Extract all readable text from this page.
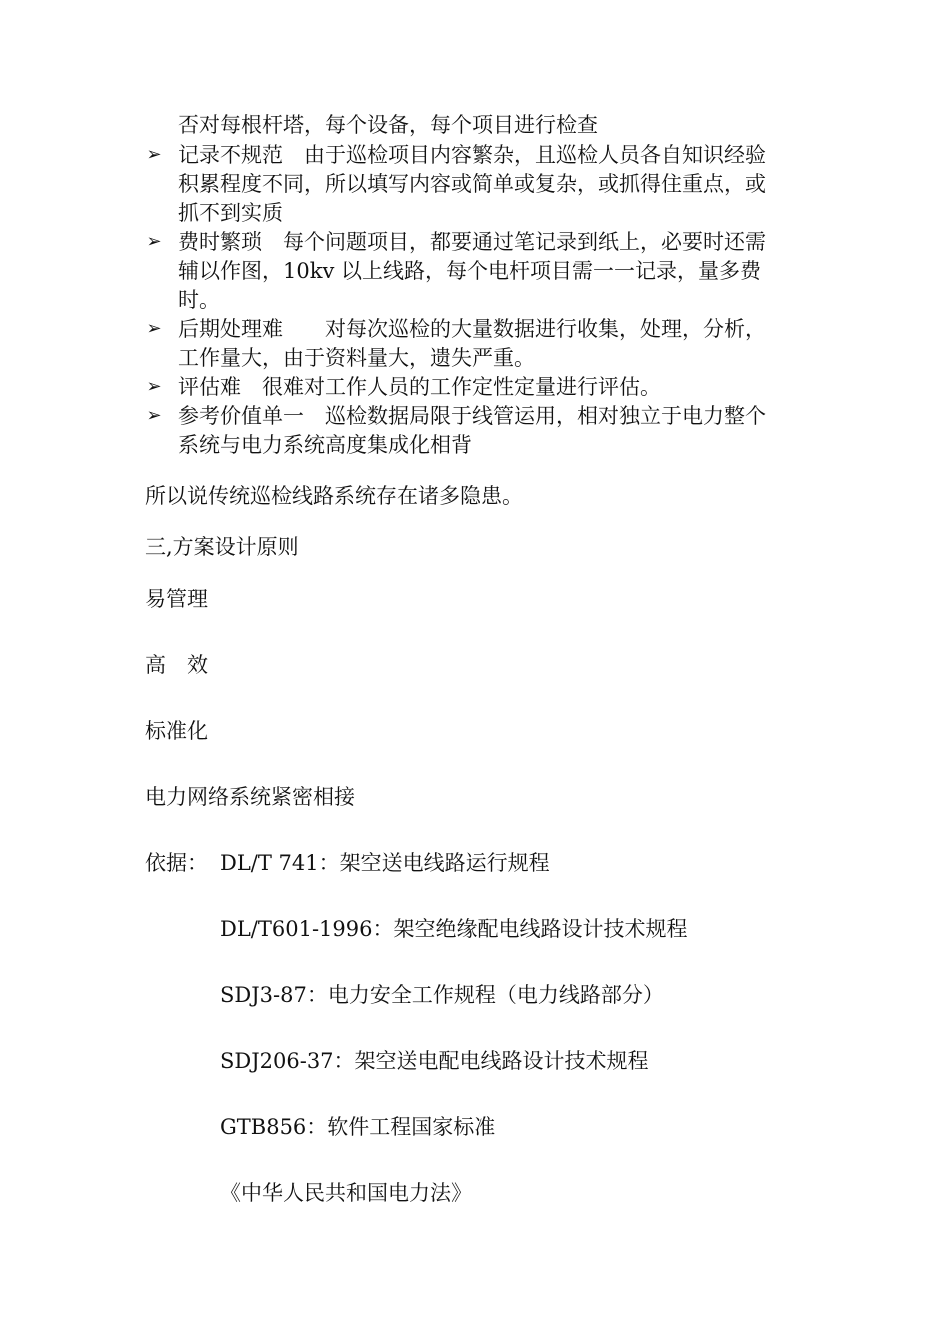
否对每根杆塔，每个设备，每个项目进行检查
➢ 记录不规范　由于巡检项目内容繁杂，且巡检人员各自知识经验
积累程度不同，所以填写内容或简单或复杂，或抓得住重点，或
抓不到实质
➢ 费时繁琐　每个问题项目，都要通过笔记录到纸上，必要时还需
辅以作图，10kv 以上线路，每个电杆项目需一一记录，量多费
时。
➢ 后期处理难　　对每次巡检的大量数据进行收集，处理，分析，
工作量大，由于资料量大，遗失严重。
➢ 评估难　很难对工作人员的工作定性定量进行评估。
➢ 参考价值单一　巡检数据局限于线管运用，相对独立于电力整个
系统与电力系统高度集成化相背
所以说传统巡检线路系统存在诸多隐患。
三,方案设计原则
易管理
高　效
标准化
电力网络系统紧密相接
依据： DL/T 741：架空送电线路运行规程
DL/T601-1996：架空绝缘配电线路设计技术规程
SDJ3-87：电力安全工作规程（电力线路部分）
SDJ206-37：架空送电配电线路设计技术规程
GTB856：软件工程国家标准
《中华人民共和国电力法》
